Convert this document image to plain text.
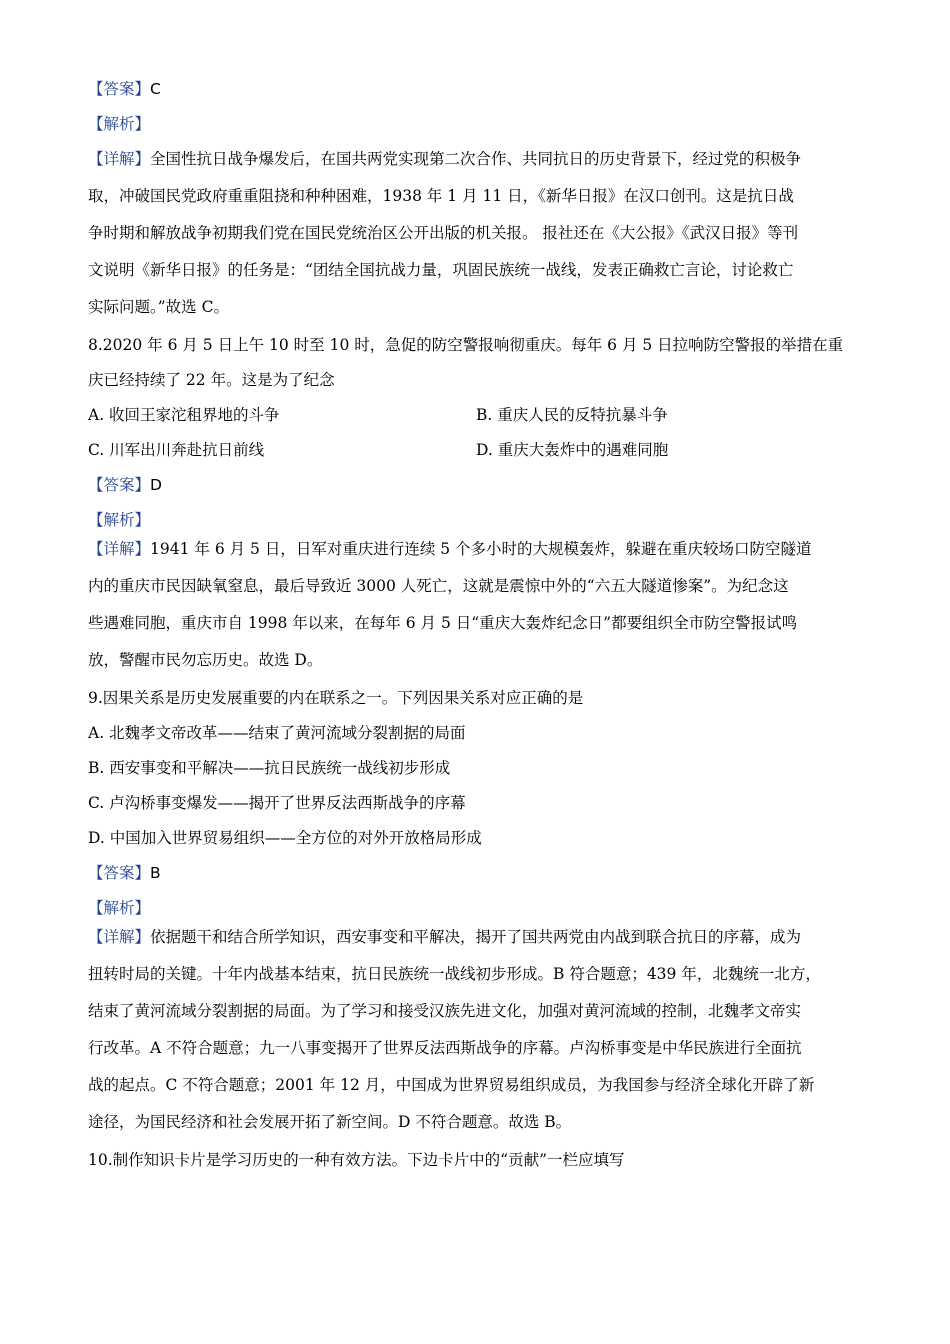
【答案】C

【解析】

【详解】全国性抗日战争爆发后，在国共两党实现第二次合作、共同抗日的历史背景下，经过党的积极争

取，冲破国民党政府重重阻挠和种种困难，1938 年 1 月 11 日，《新华日报》在汉口创刊。这是抗日战

争时期和解放战争初期我们党在国民党统治区公开出版的机关报。 报社还在《大公报》《武汉日报》等刊

文说明《新华日报》的任务是：“团结全国抗战力量，巩固民族统一战线，发表正确救亡言论，讨论救亡

实际问题。”故选 C。

8.2020 年 6 月 5 日上午 10 时至 10 时，急促的防空警报响彻重庆。每年 6 月 5 日拉响防空警报的举措在重

庆已经持续了 22 年。这是为了纪念

A. 收回王家沱租界地的斗争	B. 重庆人民的反特抗暴斗争
C. 川军出川奔赴抗日前线	D. 重庆大轰炸中的遇难同胞

【答案】D

【解析】

【详解】1941 年 6 月 5 日，日军对重庆进行连续 5 个多小时的大规模轰炸，躲避在重庆较场口防空隧道

内的重庆市民因缺氧窒息，最后导致近 3000 人死亡，这就是震惊中外的“六五大隧道惨案”。为纪念这

些遇难同胞，重庆市自 1998 年以来，在每年 6 月 5 日“重庆大轰炸纪念日”都要组织全市防空警报试鸣

放，警醒市民勿忘历史。故选 D。

9.因果关系是历史发展重要的内在联系之一。下列因果关系对应正确的是

A. 北魏孝文帝改革——结束了黄河流域分裂割据的局面
B. 西安事变和平解决——抗日民族统一战线初步形成
C. 卢沟桥事变爆发——揭开了世界反法西斯战争的序幕
D. 中国加入世界贸易组织——全方位的对外开放格局形成

【答案】B

【解析】

【详解】依据题干和结合所学知识，西安事变和平解决，揭开了国共两党由内战到联合抗日的序幕，成为

扭转时局的关键。十年内战基本结束，抗日民族统一战线初步形成。B 符合题意；439 年，北魏统一北方，

结束了黄河流域分裂割据的局面。为了学习和接受汉族先进文化，加强对黄河流域的控制，北魏孝文帝实

行改革。A 不符合题意；九一八事变揭开了世界反法西斯战争的序幕。卢沟桥事变是中华民族进行全面抗

战的起点。C 不符合题意；2001 年 12 月，中国成为世界贸易组织成员，为我国参与经济全球化开辟了新

途径，为国民经济和社会发展开拓了新空间。D 不符合题意。故选 B。

10.制作知识卡片是学习历史的一种有效方法。下边卡片中的“贡献”一栏应填写
